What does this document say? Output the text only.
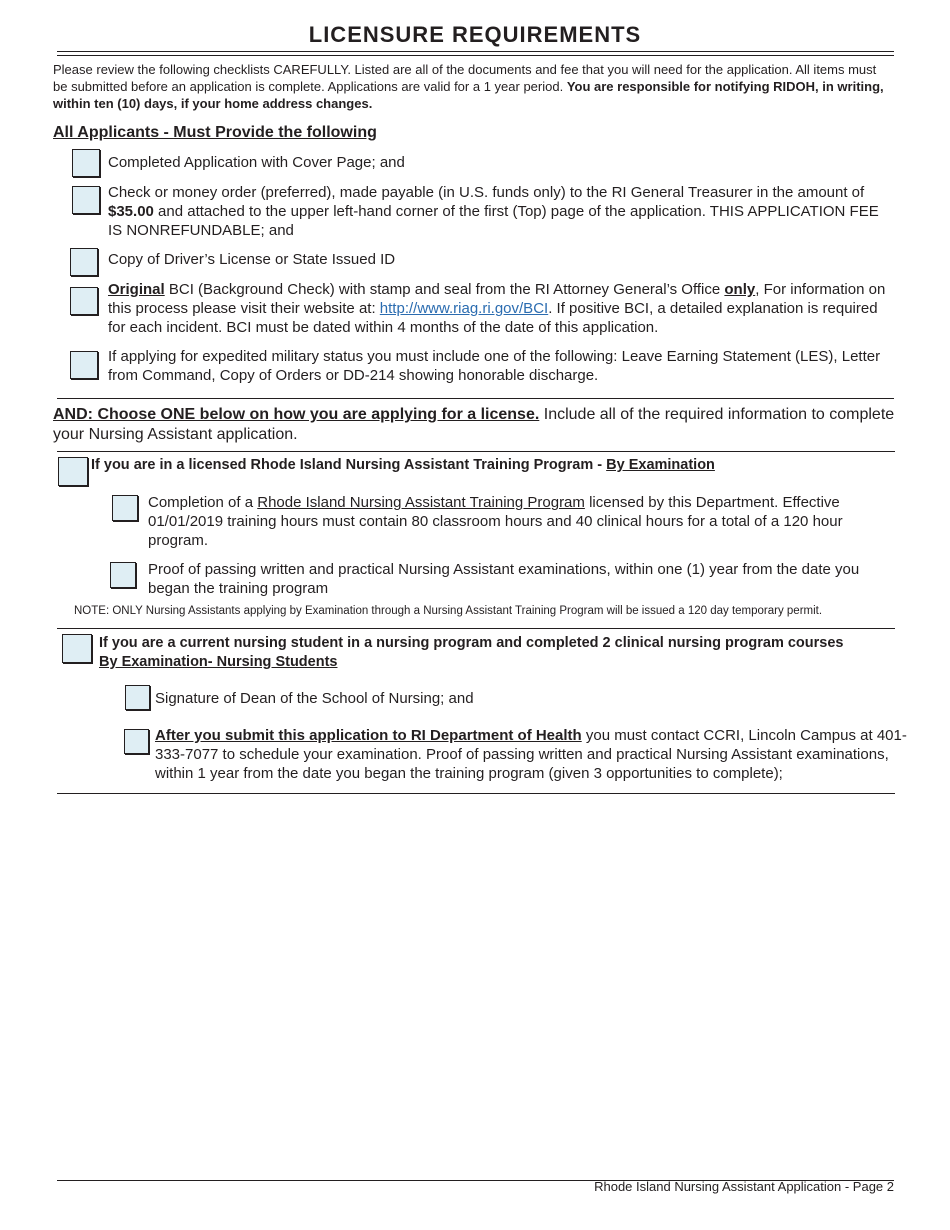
LICENSURE REQUIREMENTS
Please review the following checklists CAREFULLY. Listed are all of the documents and fee that you will need for the application. All items must be submitted before an application is complete. Applications are valid for a 1 year period. You are responsible for notifying RIDOH, in writing, within ten (10) days, if your home address changes.
All Applicants - Must Provide the following
Completed Application with Cover Page; and
Check or money order (preferred), made payable (in U.S. funds only) to the RI General Treasurer in the amount of $35.00 and attached to the upper left-hand corner of the first (Top) page of the application. THIS APPLICATION FEE IS NONREFUNDABLE; and
Copy of Driver’s License or State Issued ID
Original BCI (Background Check) with stamp and seal from the RI Attorney General’s Office only, For information on this process please visit their website at: http://www.riag.ri.gov/BCI. If positive BCI, a detailed explanation is required for each incident. BCI must be dated within 4 months of the date of this application.
If applying for expedited military status you must include one of the following: Leave Earning Statement (LES), Letter from Command, Copy of Orders or DD-214 showing honorable discharge.
AND: Choose ONE below on how you are applying for a license. Include all of the required information to complete your Nursing Assistant application.
If you are in a licensed Rhode Island Nursing Assistant Training Program - By Examination
Completion of a Rhode Island Nursing Assistant Training Program licensed by this Department. Effective 01/01/2019 training hours must contain 80 classroom hours and 40 clinical hours for a total of a 120 hour program.
Proof of passing written and practical Nursing Assistant examinations, within one (1) year from the date you began the training program
NOTE: ONLY Nursing Assistants applying by Examination through a Nursing Assistant Training Program will be issued a 120 day temporary permit.
If you are a current nursing student in a nursing program and completed 2 clinical nursing program courses
By Examination- Nursing Students
Signature of Dean of the School of Nursing; and
After you submit this application to RI Department of Health you must contact CCRI, Lincoln Campus at 401-333-7077 to schedule your examination. Proof of passing written and practical Nursing Assistant examinations, within 1 year from the date you began the training program (given 3 opportunities to complete);
Rhode Island Nursing Assistant Application - Page 2
